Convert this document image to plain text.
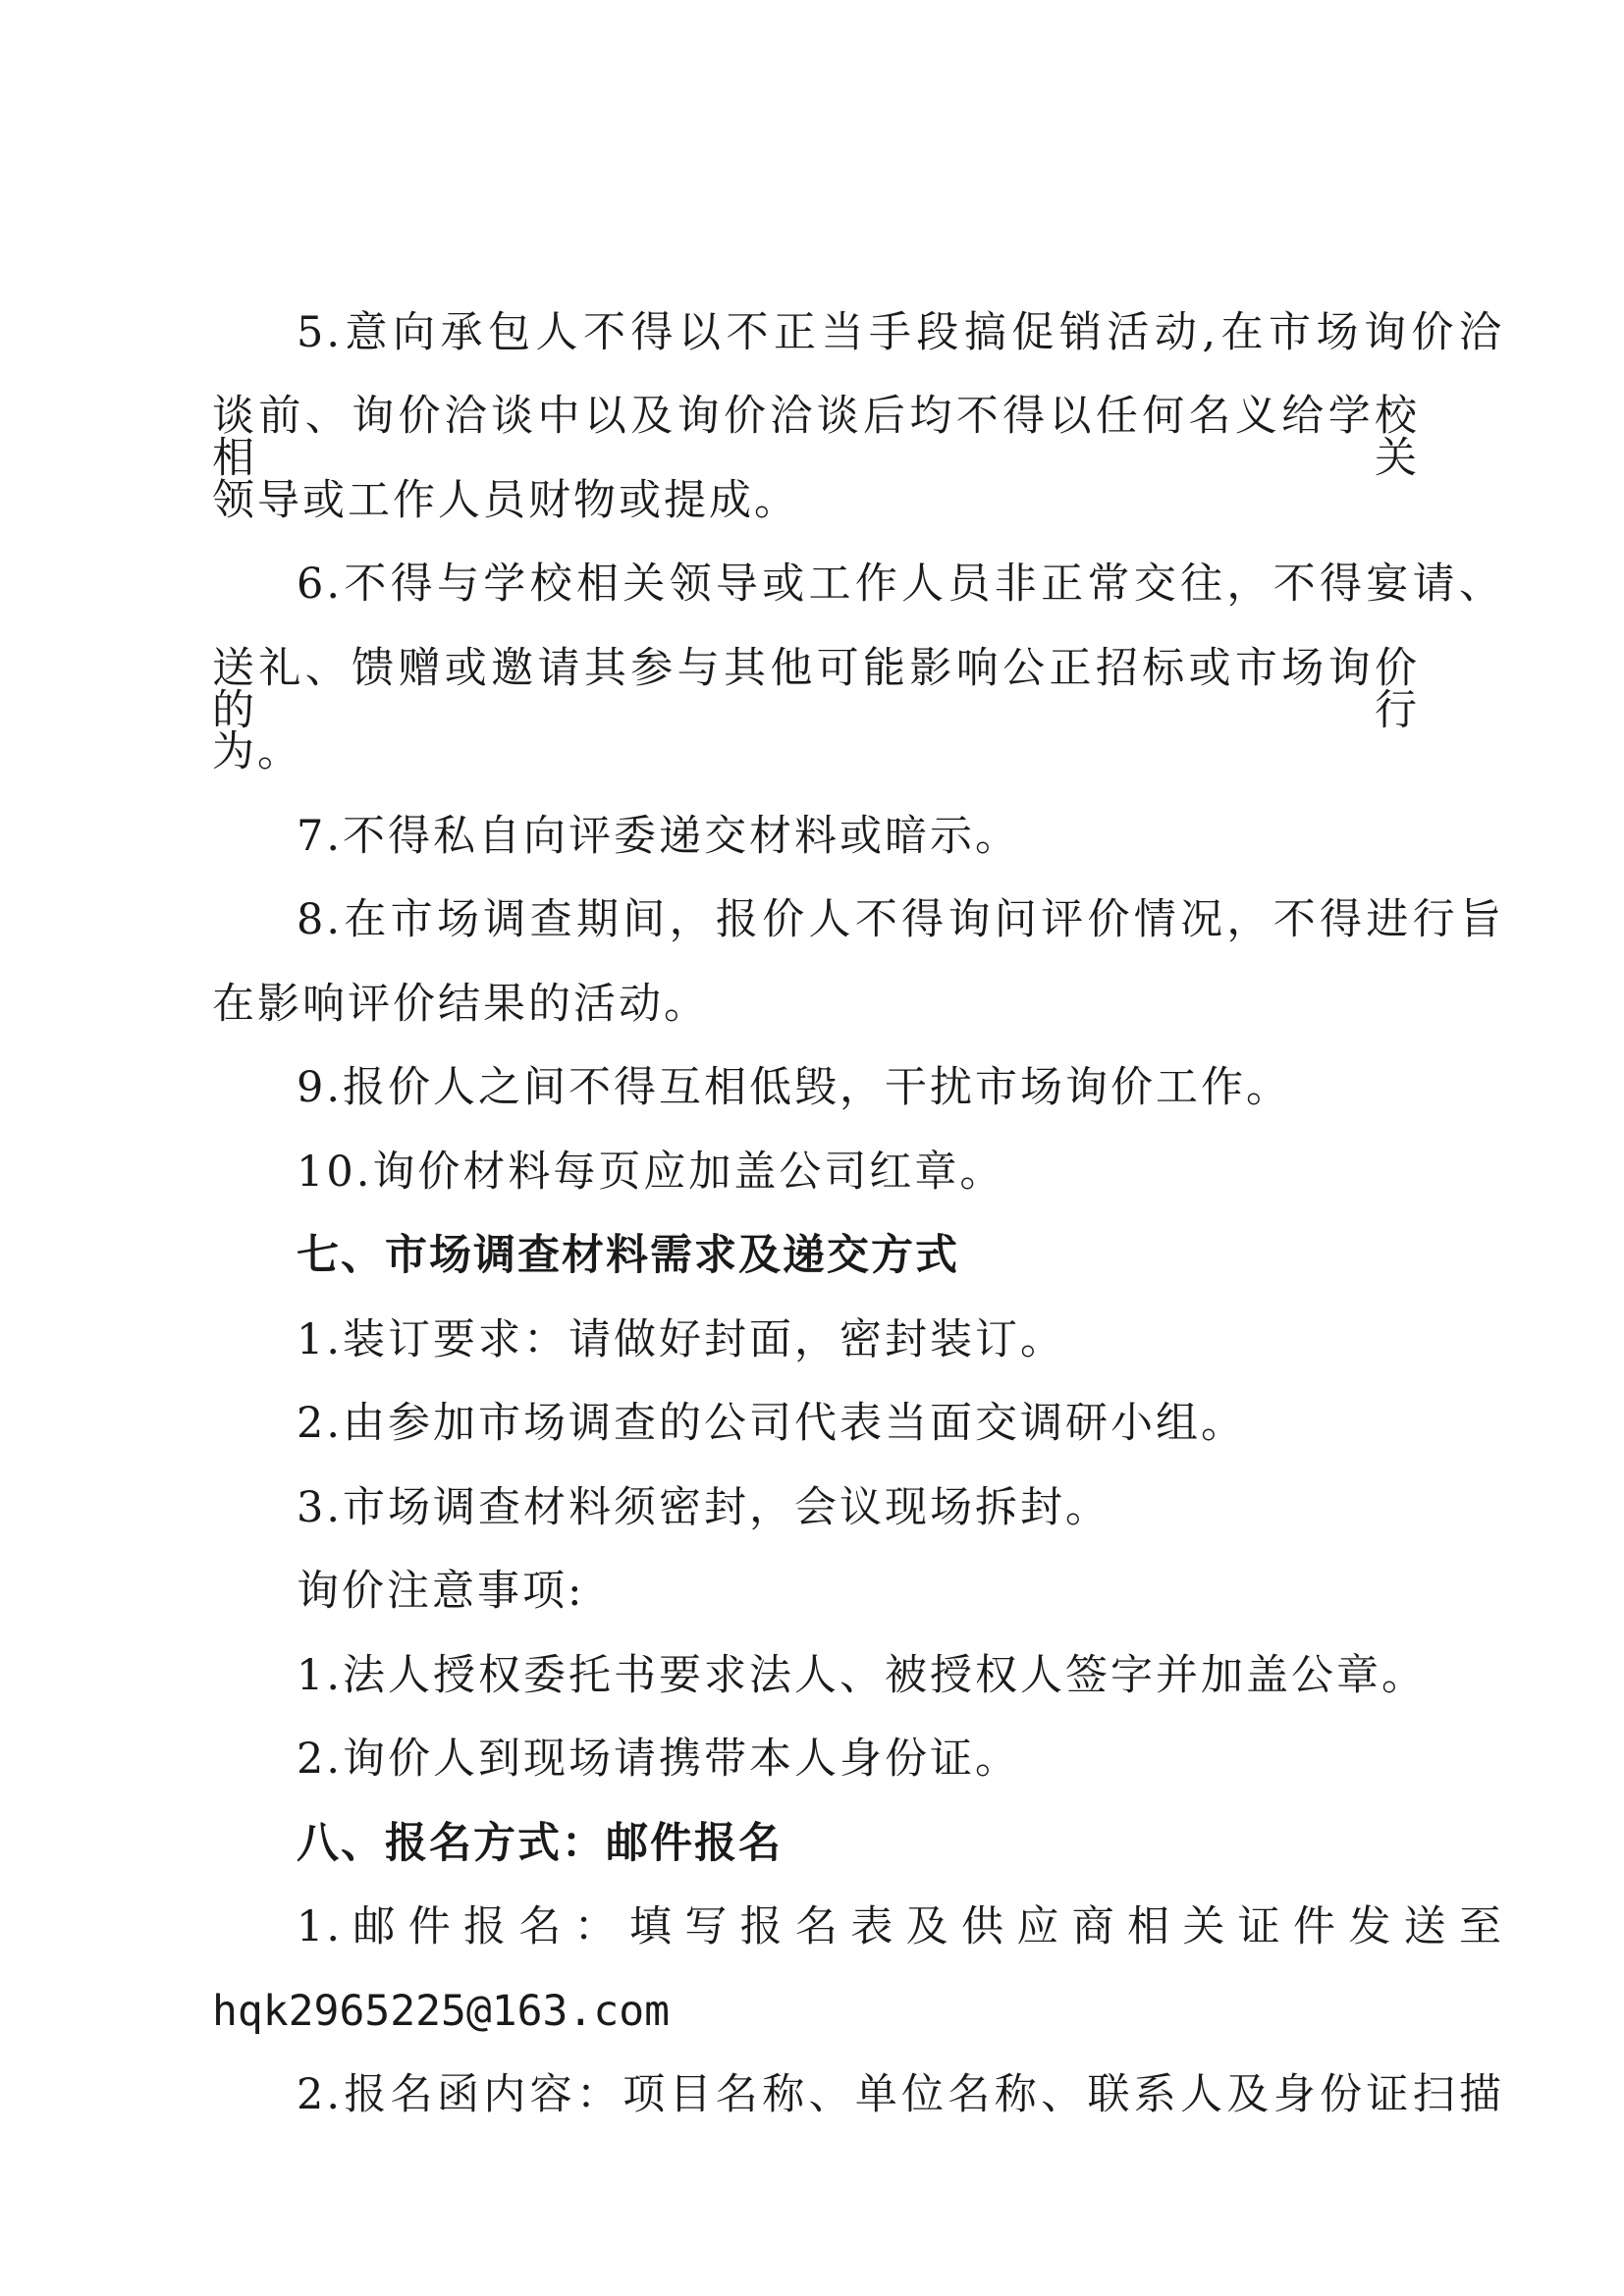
5.意向承包人不得以不正当手段搞促销活动,在市场询价洽
谈前、询价洽谈中以及询价洽谈后均不得以任何名义给学校相关
领导或工作人员财物或提成。
6.不得与学校相关领导或工作人员非正常交往，不得宴请、
送礼、馈赠或邀请其参与其他可能影响公正招标或市场询价的行
为。
7.不得私自向评委递交材料或暗示。
8.在市场调查期间，报价人不得询问评价情况，不得进行旨
在影响评价结果的活动。
9.报价人之间不得互相低毁，干扰市场询价工作。
10.询价材料每页应加盖公司红章。
七、市场调查材料需求及递交方式
1.装订要求：请做好封面，密封装订。
2.由参加市场调查的公司代表当面交调研小组。
3.市场调查材料须密封，会议现场拆封。
询价注意事项:
1.法人授权委托书要求法人、被授权人签字并加盖公章。
2.询价人到现场请携带本人身份证。
八、报名方式：邮件报名
1.邮件报名：填写报名表及供应商相关证件发送至
hqk2965225@163.com
2.报名函内容：项目名称、单位名称、联系人及身份证扫描
